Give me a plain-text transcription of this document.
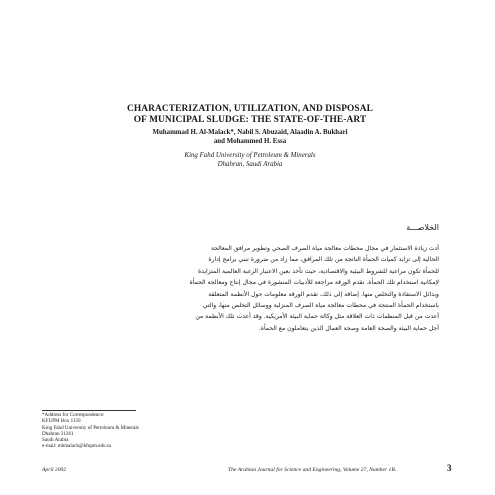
CHARACTERIZATION, UTILIZATION, AND DISPOSAL
OF MUNICIPAL SLUDGE: THE STATE-OF-THE-ART
Muhammad H. Al-Malack*, Nabil S. Abuzaid, Alaadin A. Bukhari
and Mohammed H. Essa
King Fahd University of Petroleum & Minerals
Dhahran, Saudi Arabia
الخلاصـــة
أدت زيادة الاستثمار في مجال محطات معالجة مياه الصرف الصحي وتطوير مرافق المعالجة
الحالية إلى تزايد كميات الحمأة الناتجة من تلك المرافق، مما زاد من ضرورة تبني برامج إدارة
للحمأة تكون مراعية للشروط البيئية والاقتصادية، حيث تأخذ بعين الاعتبار الرغبة العالمية المتزايدة
لإمكانية استخدام تلك الحمأة. تقدم الورقة مراجعة للأدبيات المنشورة في مجال إنتاج ومعالجة الحمأة
وبدائل الاستفادة والتخلص منها. إضافة إلى ذلك، تقدم الورقة معلومات حول الأنظمة المتعلقة
باستخدام الحمأة المنتجة في محطات معالجة مياه الصرف المنزلية ووسائل التخلص منها، والتي
أعدت من قبل المنظمات ذات العلاقة مثل وكالة حماية البيئة الأمريكية. وقد أعدت تلك الأنظمة من
أجل حماية البيئة والصحة العامة وصحة العمال الذين يتعاملون مع الحمأة.
*Address for Correspondence:
KFUPM Box 1150
King Fahd University of Petroleum & Minerals
Dhahran 31261
Saudi Arabia
e-mail: mhmalack@kfupm.edu.sa
April 2002	The Arabian Journal for Science and Engineering, Volume 27, Number 1B.	3
